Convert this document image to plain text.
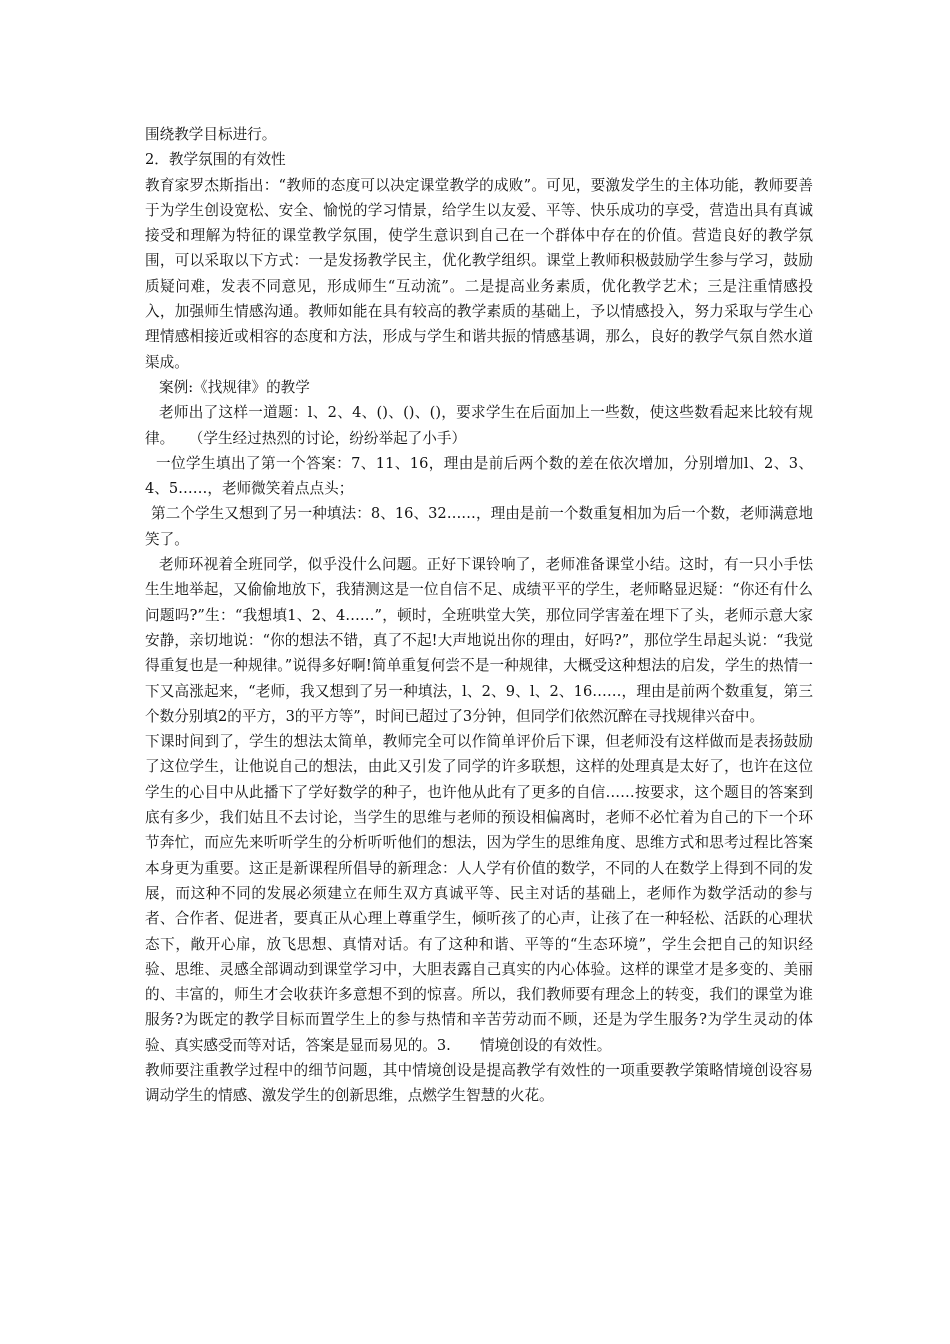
围绕教学目标进行。

2．教学氛围的有效性

教育家罗杰斯指出：“教师的态度可以决定课堂教学的成败”。可见，要激发学生的主体功能，教师要善于为学生创设宽松、安全、愉悦的学习情景，给学生以友爱、平等、快乐成功的享受，营造出具有真诚接受和理解为特征的课堂教学氛围，使学生意识到自己在一个群体中存在的价值。营造良好的教学氛围，可以采取以下方式：一是发扬教学民主，优化教学组织。课堂上教师积极鼓励学生参与学习，鼓励质疑问难，发表不同意见，形成师生“互动流”。二是提高业务素质，优化教学艺术；三是注重情感投入，加强师生情感沟通。教师如能在具有较高的教学素质的基础上，予以情感投入，努力采取与学生心理情感相接近或相容的态度和方法，形成与学生和谐共振的情感基调，那么，良好的教学气氛自然水道渠成。

案例:《找规律》的教学

老师出了这样一道题：l、2、4、()、()、()，要求学生在后面加上一些数，使这些数看起来比较有规律。　　（学生经过热烈的讨论，纷纷举起了小手）

一位学生填出了第一个答案：7、11、16，理由是前后两个数的差在依次增加，分别增加l、2、3、4、5……，老师微笑着点点头；

第二个学生又想到了另一种填法：8、16、32……，理由是前一个数重复相加为后一个数，老师满意地笑了。

老师环视着全班同学，似乎没什么问题。正好下课铃响了，老师准备课堂小结。这时，有一只小手怯生生地举起，又偷偷地放下，我猜测这是一位自信不足、成绩平平的学生，老师略显迟疑：“你还有什么问题吗?”生：“我想填1、2、4……”，顿时，全班哄堂大笑，那位同学害羞在埋下了头，老师示意大家安静，亲切地说：“你的想法不错，真了不起!大声地说出你的理由，好吗?”，那位学生昂起头说：“我觉得重复也是一种规律。”说得多好啊!简单重复何尝不是一种规律，大概受这种想法的启发，学生的热情一下又高涨起来，“老师，我又想到了另一种填法，l、2、9、l、2、16……，理由是前两个数重复，第三个数分别填2的平方，3的平方等”，时间已超过了3分钟，但同学们依然沉醉在寻找规律兴奋中。

下课时间到了，学生的想法太简单，教师完全可以作简单评价后下课，但老师没有这样做而是表扬鼓励了这位学生，让他说自己的想法，由此又引发了同学的许多联想，这样的处理真是太好了，也许在这位学生的心目中从此播下了学好数学的种子，也许他从此有了更多的自信……按要求，这个题目的答案到底有多少，我们姑且不去讨论，当学生的思维与老师的预设相偏离时，老师不必忙着为自己的下一个环节奔忙，而应先来听听学生的分析听听他们的想法，因为学生的思维角度、思维方式和思考过程比答案本身更为重要。这正是新课程所倡导的新理念：人人学有价值的数学，不同的人在数学上得到不同的发展，而这种不同的发展必须建立在师生双方真诚平等、民主对话的基础上，老师作为数学活动的参与者、合作者、促进者，要真正从心理上尊重学生，倾听孩了的心声，让孩了在一种轻松、活跃的心理状态下，敞开心扉，放飞思想、真情对话。有了这种和谐、平等的“生态环境”，学生会把自己的知识经验、思维、灵感全部调动到课堂学习中，大胆表露自己真实的内心体验。这样的课堂才是多变的、美丽的、丰富的，师生才会收获许多意想不到的惊喜。所以，我们教师要有理念上的转变，我们的课堂为谁服务?为既定的教学目标而置学生上的参与热情和辛苦劳动而不顾，还是为学生服务?为学生灵动的体验、真实感受而等对话，答案是显而易见的。3.　　情境创设的有效性。

教师要注重教学过程中的细节问题，其中情境创设是提高教学有效性的一项重要教学策略情境创设容易调动学生的情感、激发学生的创新思维，点燃学生智慧的火花。
